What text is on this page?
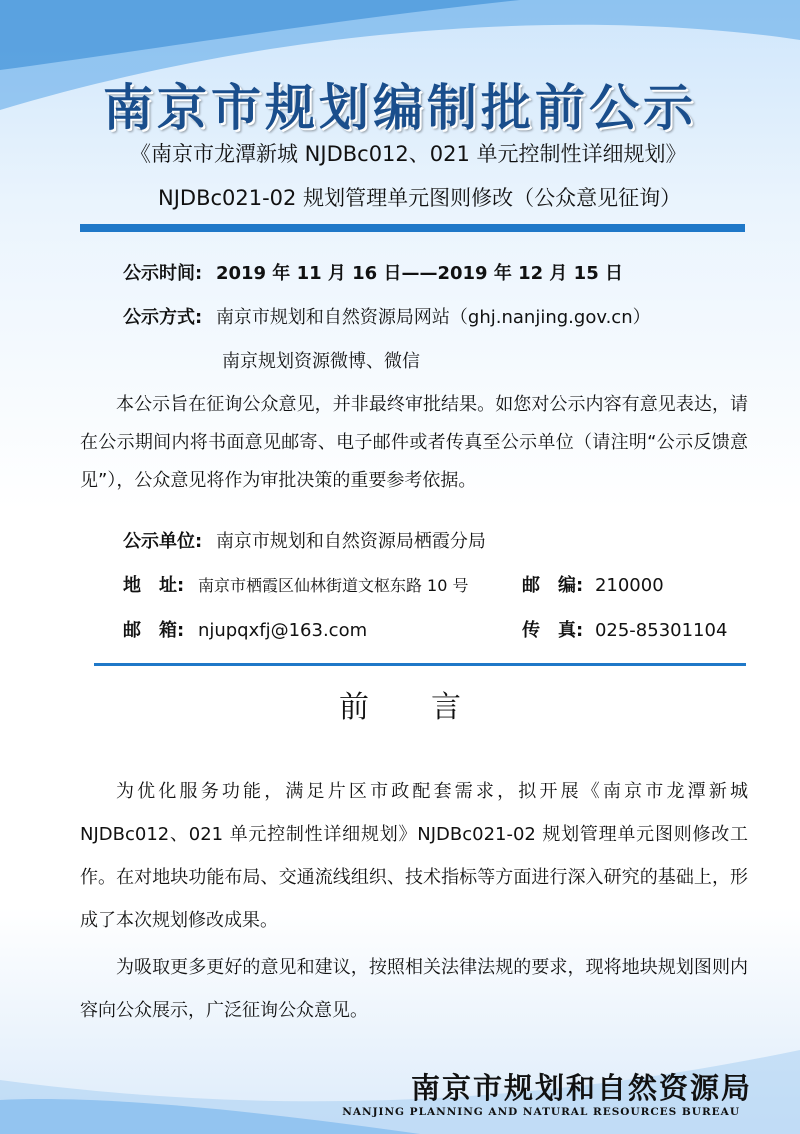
南京市规划编制批前公示
《南京市龙潭新城 NJDBc012、021 单元控制性详细规划》
NJDBc021-02 规划管理单元图则修改（公众意见征询）
公示时间: 2019 年 11 月 16 日——2019 年 12 月 15 日
公示方式: 南京市规划和自然资源局网站（ghj.nanjing.gov.cn）
南京规划资源微博、微信
本公示旨在征询公众意见，并非最终审批结果。如您对公示内容有意见表达，请在公示期间内将书面意见邮寄、电子邮件或者传真至公示单位（请注明“公示反馈意见”），公众意见将作为审批决策的重要参考依据。
公示单位: 南京市规划和自然资源局栖霞分局
地　址: 南京市栖霞区仙林街道文枢东路 10 号	邮　编: 210000
邮　箱: njupqxfj@163.com	传　真: 025-85301104
前言
为优化服务功能，满足片区市政配套需求，拟开展《南京市龙潭新城NJDBc012、021 单元控制性详细规划》NJDBc021-02 规划管理单元图则修改工作。在对地块功能布局、交通流线组织、技术指标等方面进行深入研究的基础上，形成了本次规划修改成果。
为吸取更多更好的意见和建议，按照相关法律法规的要求，现将地块规划图则内容向公众展示，广泛征询公众意见。
南京市规划和自然资源局
NANJING PLANNING AND NATURAL RESOURCES BUREAU
